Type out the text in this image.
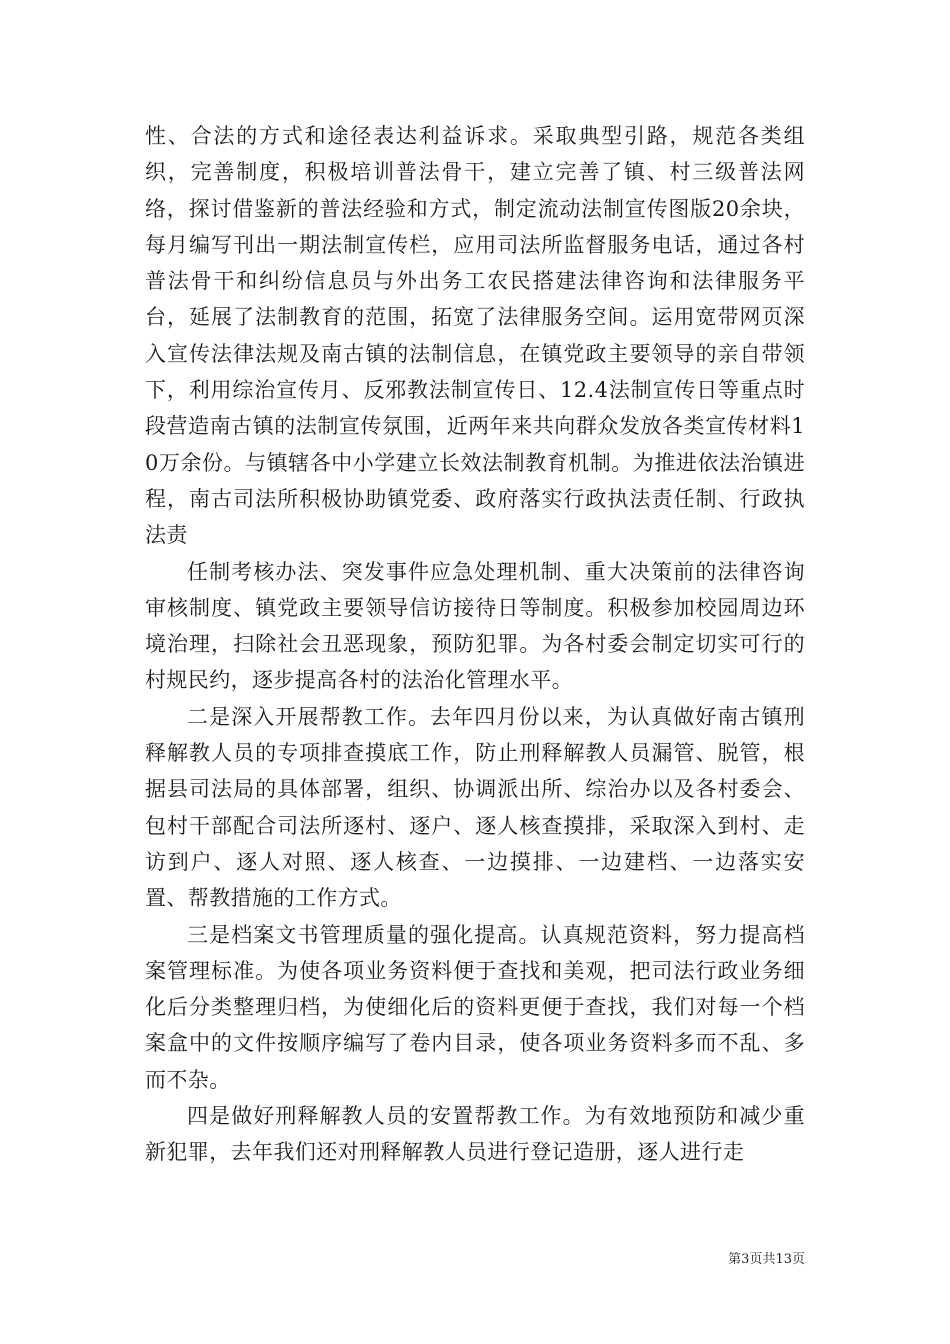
性、合法的方式和途径表达利益诉求。采取典型引路，规范各类组织，完善制度，积极培训普法骨干，建立完善了镇、村三级普法网络，探讨借鉴新的普法经验和方式，制定流动法制宣传图版20余块，每月编写刊出一期法制宣传栏，应用司法所监督服务电话，通过各村普法骨干和纠纷信息员与外出务工农民搭建法律咨询和法律服务平台，延展了法制教育的范围，拓宽了法律服务空间。运用宽带网页深入宣传法律法规及南古镇的法制信息，在镇党政主要领导的亲自带领下，利用综治宣传月、反邪教法制宣传日、12.4法制宣传日等重点时段营造南古镇的法制宣传氛围，近两年来共向群众发放各类宣传材料10万余份。与镇辖各中小学建立长效法制教育机制。为推进依法治镇进程，南古司法所积极协助镇党委、政府落实行政执法责任制、行政执法责

任制考核办法、突发事件应急处理机制、重大决策前的法律咨询审核制度、镇党政主要领导信访接待日等制度。积极参加校园周边环境治理，扫除社会丑恶现象，预防犯罪。为各村委会制定切实可行的村规民约，逐步提高各村的法治化管理水平。

二是深入开展帮教工作。去年四月份以来，为认真做好南古镇刑释解教人员的专项排查摸底工作，防止刑释解教人员漏管、脱管，根据县司法局的具体部署，组织、协调派出所、综治办以及各村委会、包村干部配合司法所逐村、逐户、逐人核查摸排，采取深入到村、走访到户、逐人对照、逐人核查、一边摸排、一边建档、一边落实安置、帮教措施的工作方式。

三是档案文书管理质量的强化提高。认真规范资料，努力提高档案管理标准。为使各项业务资料便于查找和美观，把司法行政业务细化后分类整理归档，为使细化后的资料更便于查找，我们对每一个档案盒中的文件按顺序编写了卷内目录，使各项业务资料多而不乱、多而不杂。

四是做好刑释解教人员的安置帮教工作。为有效地预防和减少重新犯罪，去年我们还对刑释解教人员进行登记造册，逐人进行走

第3页共13页
